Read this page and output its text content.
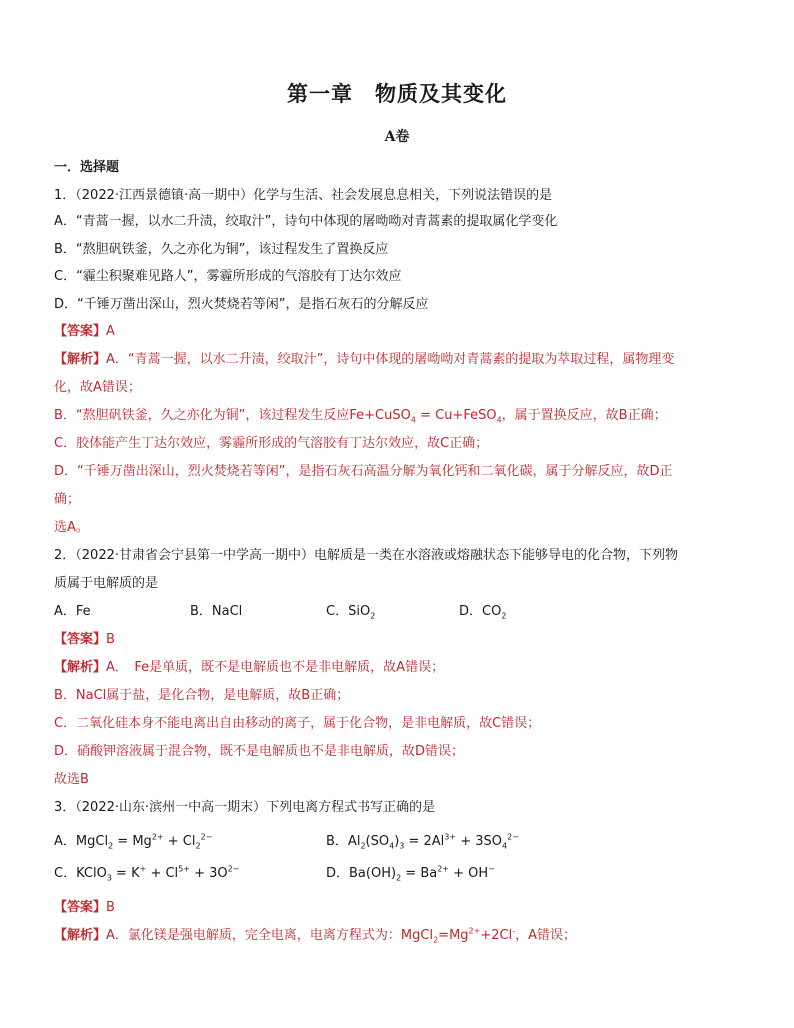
第一章 物质及其变化
A卷
一．选择题
1．（2022·江西景德镇·高一期中）化学与生活、社会发展息息相关，下列说法错误的是
A．“青蒿一握，以水二升渍，绞取汁”，诗句中体现的屠呦呦对青蒿素的提取属化学变化
B．“熬胆矾铁釜，久之亦化为铜”，该过程发生了置换反应
C．“霾尘积聚难见路人”，雾霾所形成的气溶胶有丁达尔效应
D．“千锤万凿出深山，烈火焚烧若等闲”，是指石灰石的分解反应
【答案】A
【解析】A．“青蒿一握，以水二升渍，绞取汁”，诗句中体现的屠呦呦对青蒿素的提取为萃取过程，属物理变
化，故A错误；
B．“熬胆矾铁釜，久之亦化为铜”，该过程发生反应Fe+CuSO$_4$ = Cu+FeSO$_4$，属于置换反应，故B正确；
C．胶体能产生丁达尔效应，雾霾所形成的气溶胶有丁达尔效应，故C正确；
D．“千锤万凿出深山，烈火焚烧若等闲”，是指石灰石高温分解为氧化钙和二氧化碳，属于分解反应，故D正
确；
选A。
2．（2022·甘肃省会宁县第一中学高一期中）电解质是一类在水溶液或熔融状态下能够导电的化合物，下列物
质属于电解质的是
A．Fe	B．NaCl	C．SiO$_2$	D．$CO_2$
【答案】B
【解析】A．　Fe是单质，既不是电解质也不是非电解质，故A错误；
B．NaCl属于盐，是化合物，是电解质，故B正确；
C．二氧化硅本身不能电离出自由移动的离子，属于化合物，是非电解质，故C错误；
D．硝酸钾溶液属于混合物，既不是电解质也不是非电解质，故D错误；
故选B
3．（2022·山东·滨州一中高一期末）下列电离方程式书写正确的是
A．MgCl$_2$ = $Mg^{2+} + Cl_2^{2-}$	B．$Al_2(SO_4)_3 = 2Al^{3+} + 3SO_4^{2-}$
C．KClO$_3$ = $K^+ + Cl^{5+} + 3O^{2-}$	D．$Ba(OH)_2 = Ba^{2+} + OH^-$
【答案】B
【解析】A．氯化镁是强电解质，完全电离，电离方程式为：$MgCl_2=Mg^{2+}+2Cl^-$，A错误；
